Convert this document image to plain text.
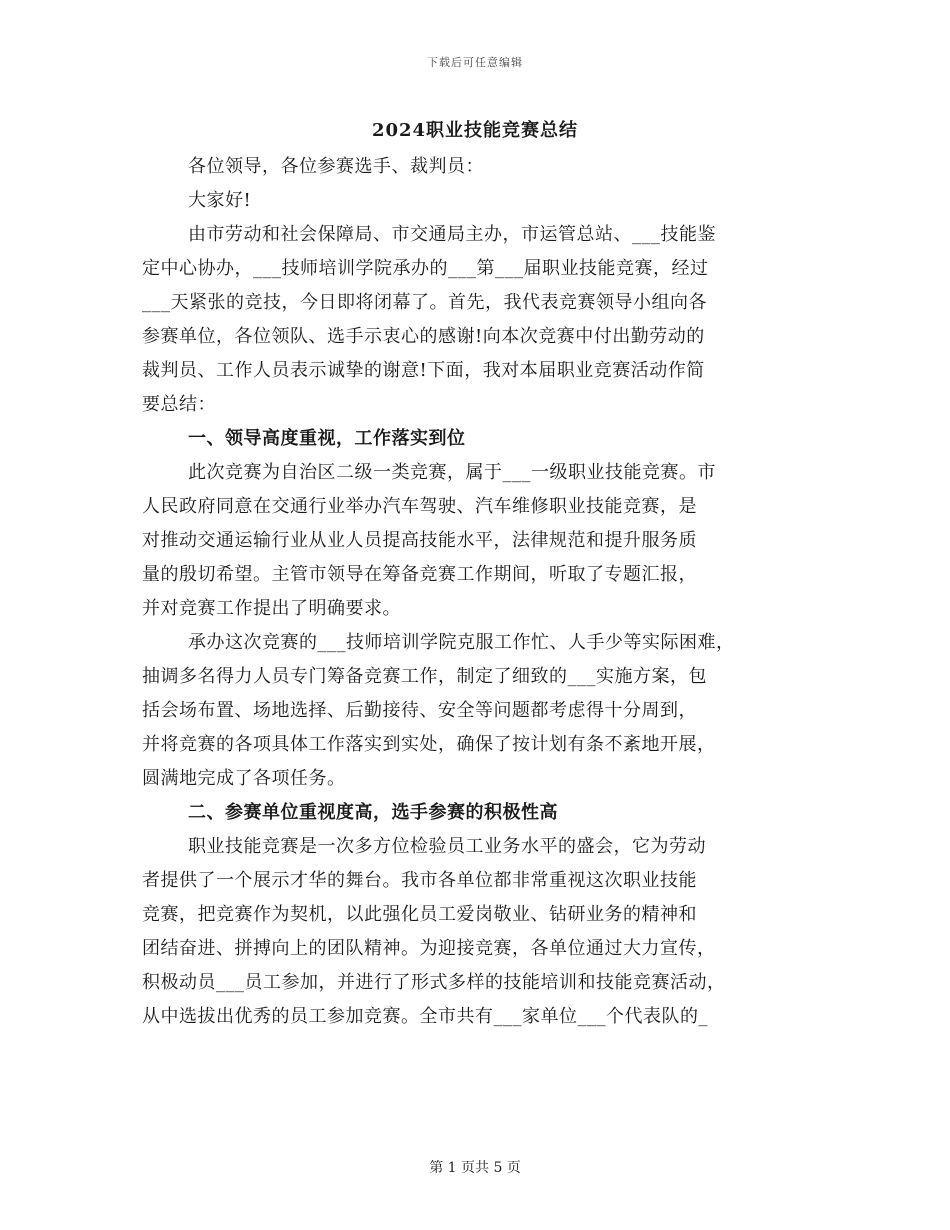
下载后可任意编辑
2024职业技能竞赛总结
各位领导，各位参赛选手、裁判员：
大家好!
由市劳动和社会保障局、市交通局主办，市运管总站、___技能鉴
定中心协办，___技师培训学院承办的___第___届职业技能竞赛，经过
___天紧张的竞技，今日即将闭幕了。首先，我代表竞赛领导小组向各
参赛单位，各位领队、选手示衷心的感谢!向本次竞赛中付出勤劳动的
裁判员、工作人员表示诚挚的谢意!下面，我对本届职业竞赛活动作简
要总结：
一、领导高度重视，工作落实到位
此次竞赛为自治区二级一类竞赛，属于___一级职业技能竞赛。市
人民政府同意在交通行业举办汽车驾驶、汽车维修职业技能竞赛，是
对推动交通运输行业从业人员提高技能水平，法律规范和提升服务质
量的殷切希望。主管市领导在筹备竞赛工作期间，听取了专题汇报，
并对竞赛工作提出了明确要求。
承办这次竞赛的___技师培训学院克服工作忙、人手少等实际困难，
抽调多名得力人员专门筹备竞赛工作，制定了细致的___实施方案，包
括会场布置、场地选择、后勤接待、安全等问题都考虑得十分周到，
并将竞赛的各项具体工作落实到实处，确保了按计划有条不紊地开展，
圆满地完成了各项任务。
二、参赛单位重视度高，选手参赛的积极性高
职业技能竞赛是一次多方位检验员工业务水平的盛会，它为劳动
者提供了一个展示才华的舞台。我市各单位都非常重视这次职业技能
竞赛，把竞赛作为契机，以此强化员工爱岗敬业、钻研业务的精神和
团结奋进、拼搏向上的团队精神。为迎接竞赛，各单位通过大力宣传，
积极动员___员工参加，并进行了形式多样的技能培训和技能竞赛活动，
从中选拔出优秀的员工参加竞赛。全市共有___家单位___个代表队的_
第 1 页共 5 页
